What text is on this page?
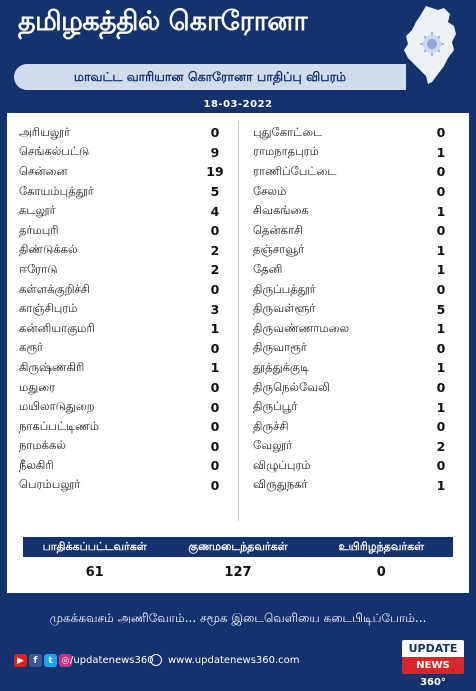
தமிழகத்தில் கொரோனா
மாவட்ட வாரியான கொரோனா பாதிப்பு விபரம்
18-03-2022
அரியலூர்	0
செங்கல்பட்டு	9
சென்னை	19
கோயம்புத்தூர்	5
கடலூர்	4
தர்மபுரி	0
திண்டுக்கல்	2
ஈரோடு	2
கள்ளக்குறிச்சி	0
காஞ்சிபுரம்	3
கன்னியாகுமரி	1
கரூர்	0
கிருஷ்ணகிரி	1
மதுரை	0
மயிலாடுதுறை	0
நாகப்பட்டிணம்	0
நாமக்கல்	0
நீலகிரி	0
பெரம்பலூர்	0
புதுகோட்டை	0
ராமநாதபுரம்	1
ராணிப்பேட்டை	0
சேலம்	0
சிவகங்கை	1
தென்காசி	0
தஞ்சாவூர்	1
தேனி	1
திருப்பத்தூர்	0
திருவள்ளூர்	5
திருவண்ணாமலை	1
திருவாரூர்	0
தூத்துக்குடி	1
திருநெல்வேலி	0
திருப்பூர்	1
திருச்சி	0
வேலூர்	2
விழுப்புரம்	0
விருதுநகர்	1
பாதிக்கப்பட்டவர்கள்	குணமடைந்தவர்கள்	உயிரிழந்தவர்கள்
61	127	0
முகக்கவசம் அணிவோம்... சமூக இடைவெளியை கடைபிடிப்போம்...
▶	f	t ◎ /updatenews360 www.updatenews360.com
UPDATE
NEWS 360°
